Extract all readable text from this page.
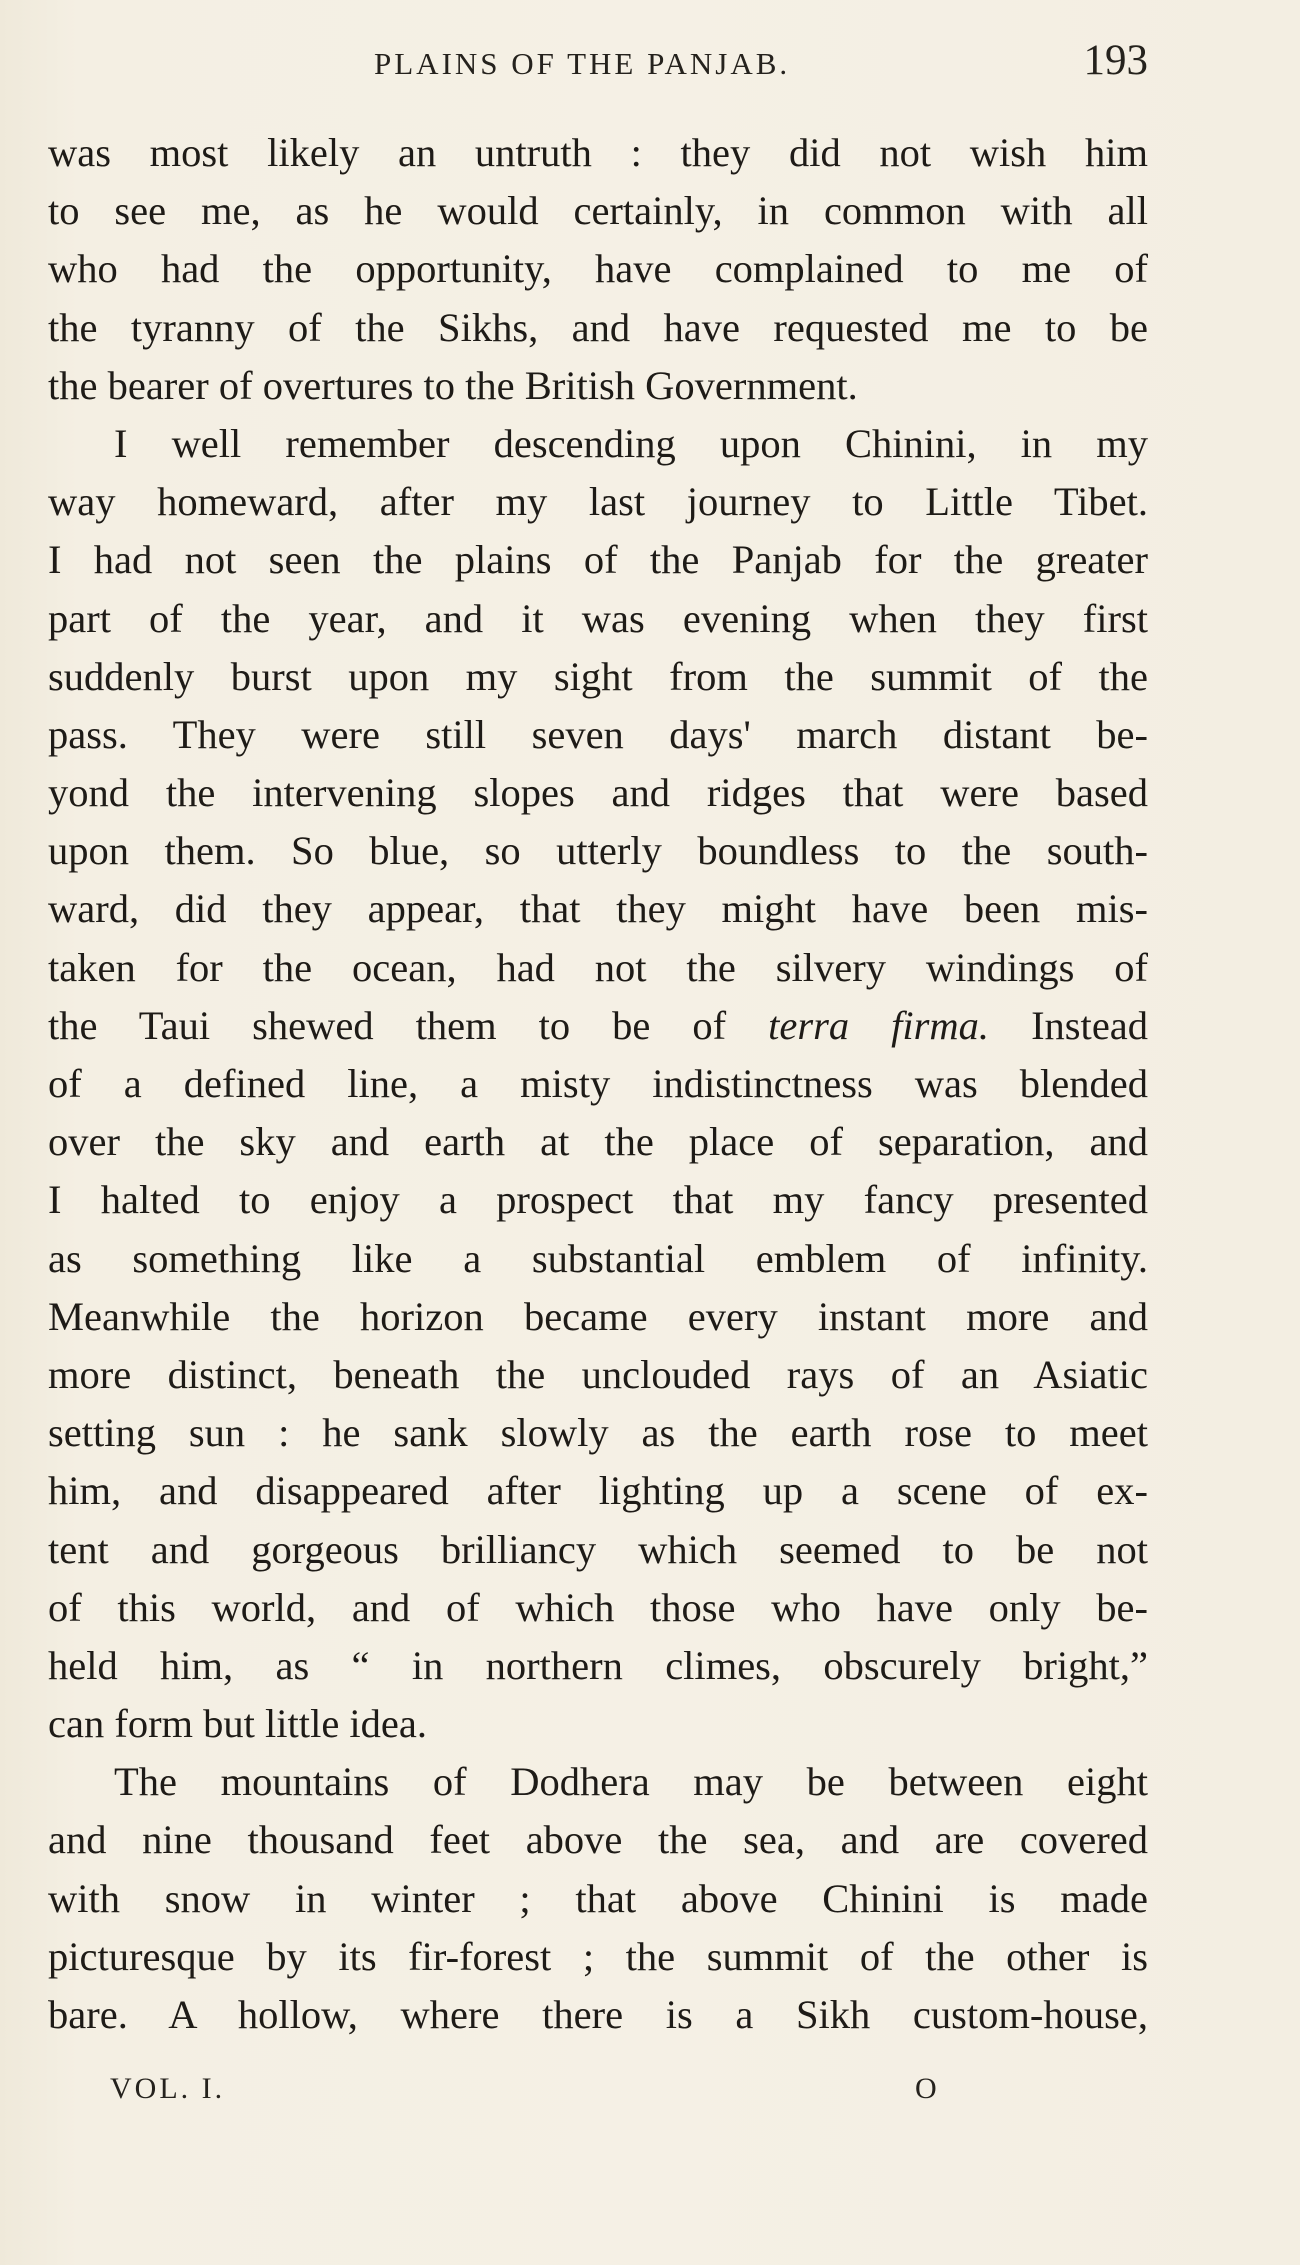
PLAINS OF THE PANJAB.	193
was most likely an untruth : they did not wish him
to see me, as he would certainly, in common with all
who had the opportunity, have complained to me of
the tyranny of the Sikhs, and have requested me to be
the bearer of overtures to the British Government.
I well remember descending upon Chinini, in my
way homeward, after my last journey to Little Tibet.
I had not seen the plains of the Panjab for the greater
part of the year, and it was evening when they first
suddenly burst upon my sight from the summit of the
pass. They were still seven days' march distant be-
yond the intervening slopes and ridges that were based
upon them. So blue, so utterly boundless to the south-
ward, did they appear, that they might have been mis-
taken for the ocean, had not the silvery windings of
the Taui shewed them to be of terra firma. Instead
of a defined line, a misty indistinctness was blended
over the sky and earth at the place of separation, and
I halted to enjoy a prospect that my fancy presented
as something like a substantial emblem of infinity.
Meanwhile the horizon became every instant more and
more distinct, beneath the unclouded rays of an Asiatic
setting sun : he sank slowly as the earth rose to meet
him, and disappeared after lighting up a scene of ex-
tent and gorgeous brilliancy which seemed to be not
of this world, and of which those who have only be-
held him, as “ in northern climes, obscurely bright,”
can form but little idea.
The mountains of Dodhera may be between eight
and nine thousand feet above the sea, and are covered
with snow in winter ; that above Chinini is made
picturesque by its fir-forest ; the summit of the other is
bare. A hollow, where there is a Sikh custom-house,
VOL. I.	O
